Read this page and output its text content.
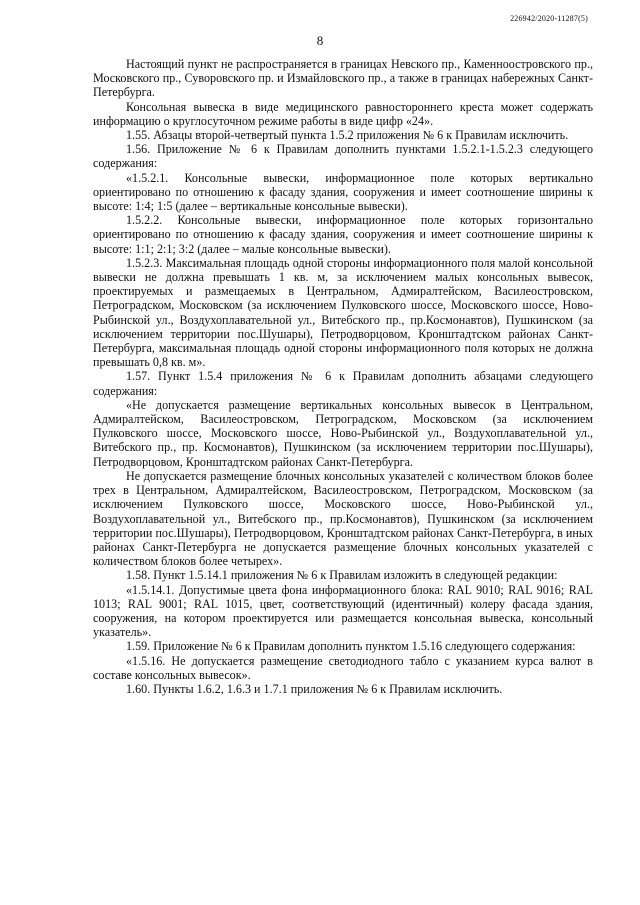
226942/2020-11287(5)
8

Настоящий пункт не распространяется в границах Невского пр., Каменноостровского пр., Московского пр., Суворовского пр. и Измайловского пр., а также в границах набережных Санкт-Петербурга.

Консольная вывеска в виде медицинского равностороннего креста может содержать информацию о круглосуточном режиме работы в виде цифр «24».

1.55. Абзацы второй-четвертый пункта 1.5.2 приложения № 6 к Правилам исключить.

1.56. Приложение № 6 к Правилам дополнить пунктами 1.5.2.1-1.5.2.3 следующего содержания:

«1.5.2.1. Консольные вывески, информационное поле которых вертикально ориентировано по отношению к фасаду здания, сооружения и имеет соотношение ширины к высоте: 1:4; 1:5 (далее – вертикальные консольные вывески).

1.5.2.2. Консольные вывески, информационное поле которых горизонтально ориентировано по отношению к фасаду здания, сооружения и имеет соотношение ширины к высоте: 1:1; 2:1; 3:2 (далее – малые консольные вывески).

1.5.2.3. Максимальная площадь одной стороны информационного поля малой консольной вывески не должна превышать 1 кв. м, за исключением малых консольных вывесок, проектируемых и размещаемых в Центральном, Адмиралтейском, Василеостровском, Петроградском, Московском (за исключением Пулковского шоссе, Московского шоссе, Ново-Рыбинской ул., Воздухоплавательной ул., Витебского пр., пр.Космонавтов), Пушкинском (за исключением территории пос.Шушары), Петродворцовом, Кронштадтском районах Санкт-Петербурга, максимальная площадь одной стороны информационного поля которых не должна превышать 0,8 кв. м».

1.57. Пункт 1.5.4 приложения № 6 к Правилам дополнить абзацами следующего содержания:

«Не допускается размещение вертикальных консольных вывесок в Центральном, Адмиралтейском, Василеостровском, Петроградском, Московском (за исключением Пулковского шоссе, Московского шоссе, Ново-Рыбинской ул., Воздухоплавательной ул., Витебского пр., пр. Космонавтов), Пушкинском (за исключением территории пос.Шушары), Петродворцовом, Кронштадтском районах Санкт-Петербурга.

Не допускается размещение блочных консольных указателей с количеством блоков более трех в Центральном, Адмиралтейском, Василеостровском, Петроградском, Московском (за исключением Пулковского шоссе, Московского шоссе, Ново-Рыбинской ул., Воздухоплавательной ул., Витебского пр., пр.Космонавтов), Пушкинском (за исключением территории пос.Шушары), Петродворцовом, Кронштадтском районах Санкт-Петербурга, в иных районах Санкт-Петербурга не допускается размещение блочных консольных указателей с количеством блоков более четырех».

1.58. Пункт 1.5.14.1 приложения № 6 к Правилам изложить в следующей редакции:

«1.5.14.1. Допустимые цвета фона информационного блока: RAL 9010; RAL 9016; RAL 1013; RAL 9001; RAL 1015, цвет, соответствующий (идентичный) колеру фасада здания, сооружения, на котором проектируется или размещается консольная вывеска, консольный указатель».

1.59. Приложение № 6 к Правилам дополнить пунктом 1.5.16 следующего содержания:

«1.5.16. Не допускается размещение светодиодного табло с указанием курса валют в составе консольных вывесок».

1.60. Пункты 1.6.2, 1.6.3 и 1.7.1 приложения № 6 к Правилам исключить.
